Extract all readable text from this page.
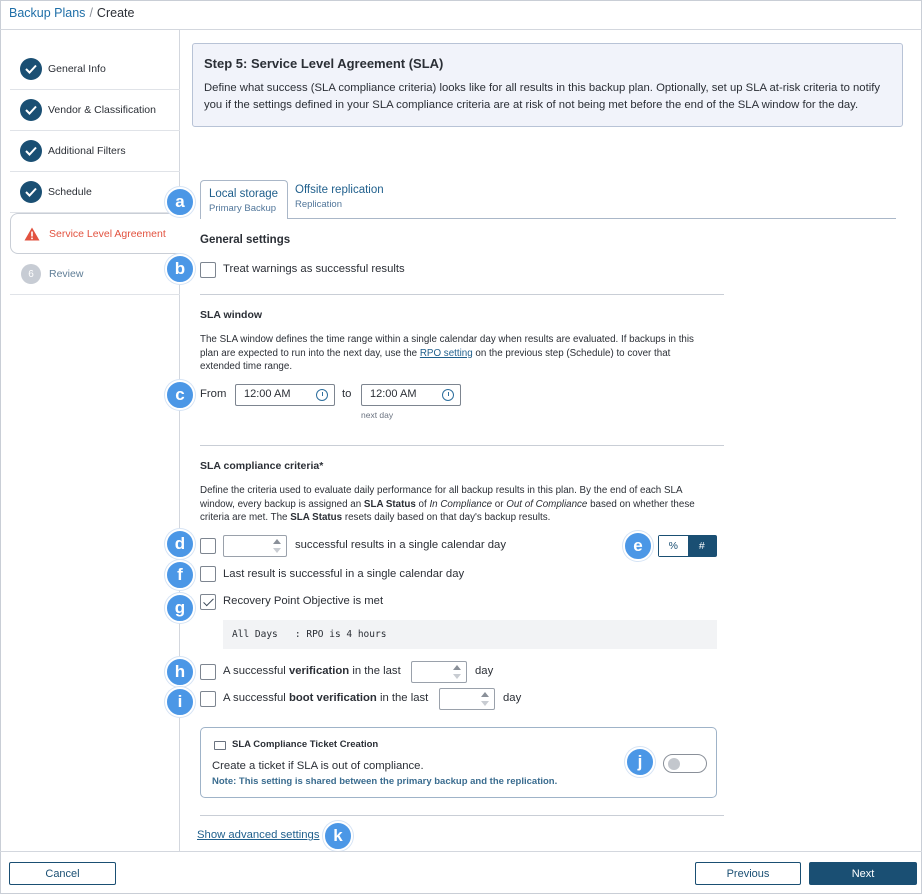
Backup Plans / Create
General Info
Vendor & Classification
Additional Filters
Schedule
Service Level Agreement
6	Review
Step 5: Service Level Agreement (SLA)

Define what success (SLA compliance criteria) looks like for all results in this backup plan. Optionally, set up SLA at-risk criteria to notify you if the settings defined in your SLA compliance criteria are at risk of not being met before the end of the SLA window for the day.

Local storage
Primary Backup
Offsite replication
Replication
General settings
Treat warnings as successful results
SLA window
The SLA window defines the time range within a single calendar day when results are evaluated. If backups in this plan are expected to run into the next day, use the RPO setting on the previous step (Schedule) to cover that extended time range.
From	12:00 AM	to	12:00 AM
next day
SLA compliance criteria*
Define the criteria used to evaluate daily performance for all backup results in this plan. By the end of each SLA window, every backup is assigned an SLA Status of In Compliance or Out of Compliance based on whether these criteria are met. The SLA Status resets daily based on that day's backup results.
successful results in a single calendar day	%	#
Last result is successful in a single calendar day
Recovery Point Objective is met
All Days   : RPO is 4 hours
A successful verification in the last	day
A successful boot verification in the last	day
SLA Compliance Ticket Creation
Create a ticket if SLA is out of compliance.
Note: This setting is shared between the primary backup and the replication.
Show advanced settings
a
b
c
d	e
f
g
h
i
j
k
Cancel	Previous	Next
